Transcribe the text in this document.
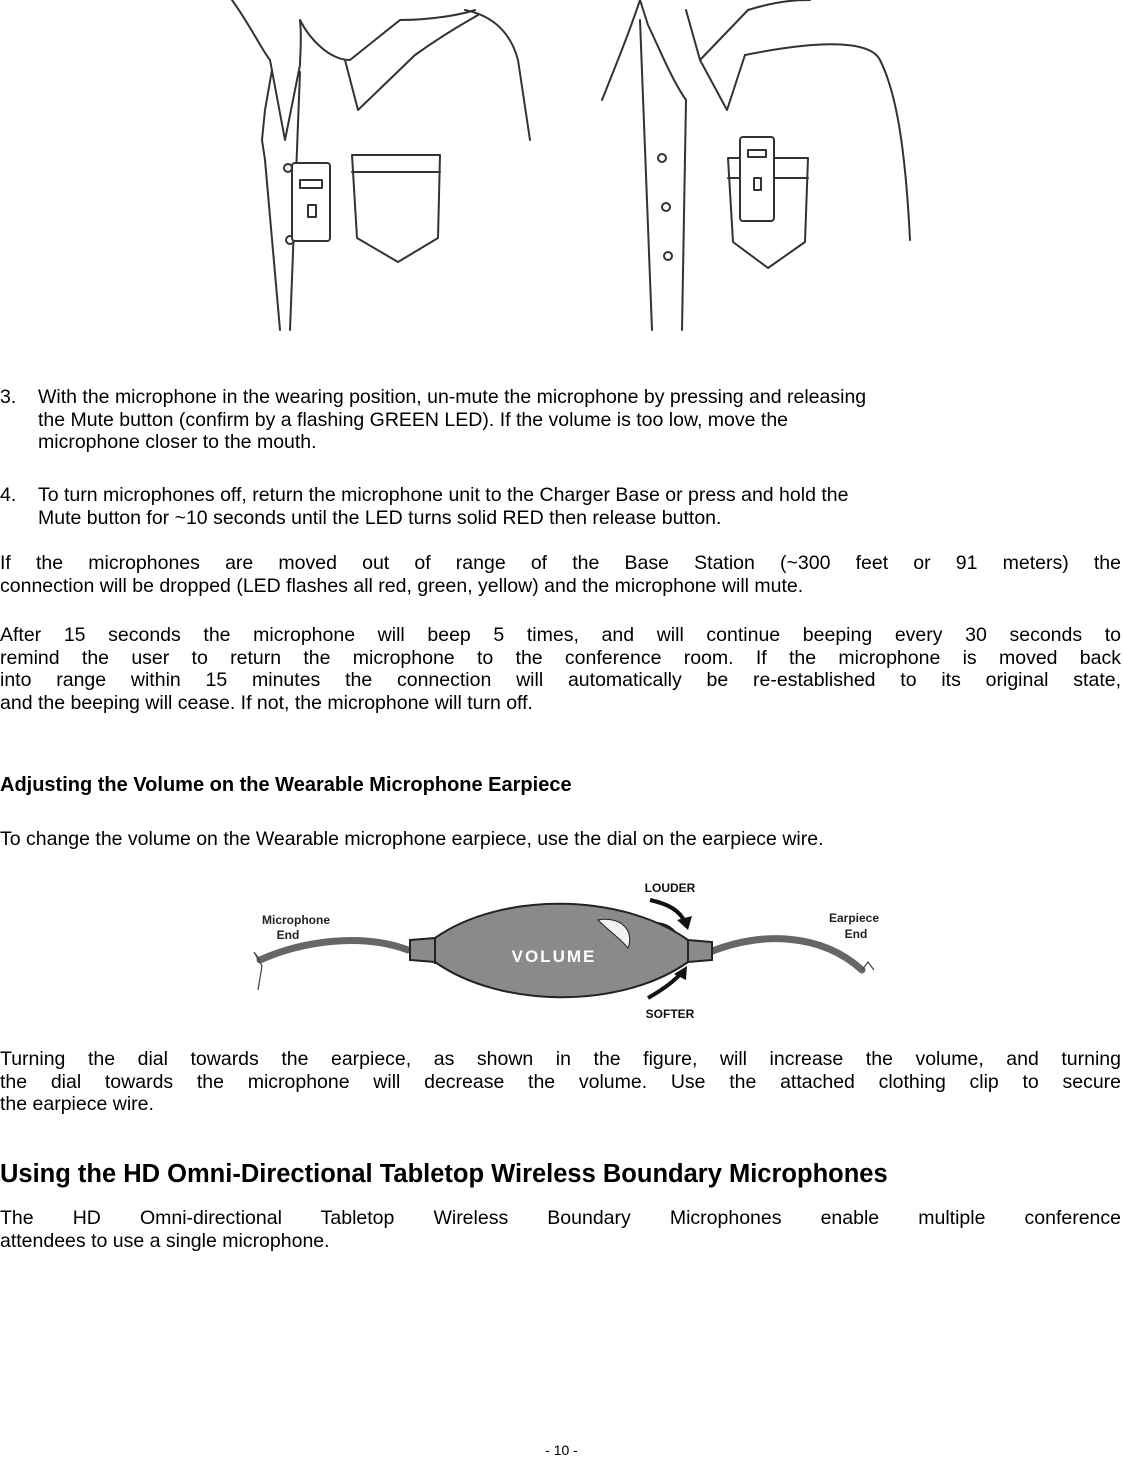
3. With the microphone in the wearing position, un-mute the microphone by pressing and releasing
the Mute button (confirm by a flashing GREEN LED). If the volume is too low, move the
microphone closer to the mouth.
4. To turn microphones off, return the microphone unit to the Charger Base or press and hold the
Mute button for ~10 seconds until the LED turns solid RED then release button.
If the microphones are moved out of range of the Base Station (~300 feet or 91 meters) the
connection will be dropped (LED flashes all red, green, yellow) and the microphone will mute.
After 15 seconds the microphone will beep 5 times, and will continue beeping every 30 seconds to
remind the user to return the microphone to the conference room. If the microphone is moved back
into range within 15 minutes the connection will automatically be re-established to its original state,
and the beeping will cease. If not, the microphone will turn off.
Adjusting the Volume on the Wearable Microphone Earpiece
To change the volume on the Wearable microphone earpiece, use the dial on the earpiece wire.
VOLUME
LOUDER
SOFTER
Microphone
End
Earpiece
End
Turning the dial towards the earpiece, as shown in the figure, will increase the volume, and turning
the dial towards the microphone will decrease the volume. Use the attached clothing clip to secure
the earpiece wire.
Using the HD Omni-Directional Tabletop Wireless Boundary Microphones
The HD Omni-directional Tabletop Wireless Boundary Microphones enable multiple conference
attendees to use a single microphone.
- 10 -
